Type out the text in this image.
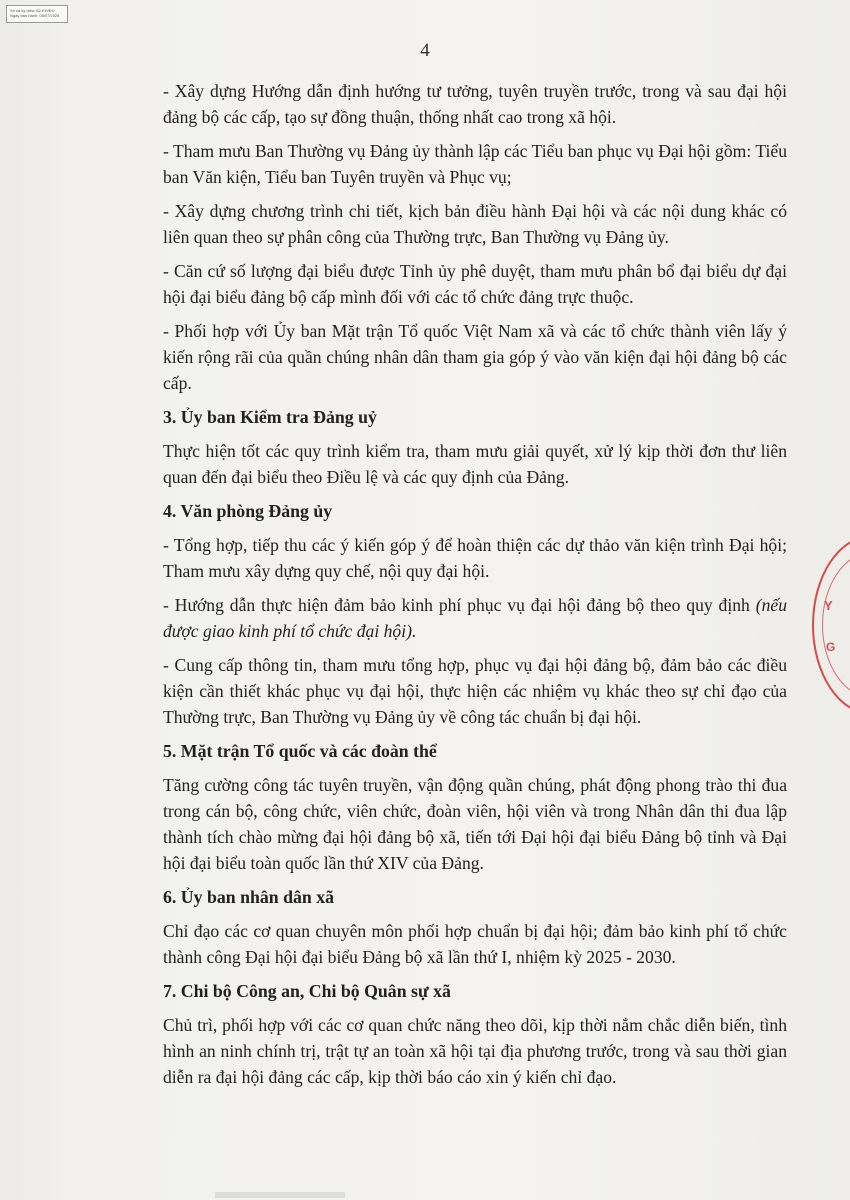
Số và ký hiệu: 82-KH/ĐU
Ngày ban hành: 05/07/2025
4

- Xây dựng Hướng dẫn định hướng tư tưởng, tuyên truyền trước, trong và sau đại hội đảng bộ các cấp, tạo sự đồng thuận, thống nhất cao trong xã hội.

- Tham mưu Ban Thường vụ Đảng ủy thành lập các Tiểu ban phục vụ Đại hội gồm: Tiểu ban Văn kiện, Tiểu ban Tuyên truyền và Phục vụ;

- Xây dựng chương trình chi tiết, kịch bản điều hành Đại hội và các nội dung khác có liên quan theo sự phân công của Thường trực, Ban Thường vụ Đảng ủy.

- Căn cứ số lượng đại biểu được Tỉnh ủy phê duyệt, tham mưu phân bổ đại biểu dự đại hội đại biểu đảng bộ cấp mình đối với các tổ chức đảng trực thuộc.

- Phối hợp với Ủy ban Mặt trận Tổ quốc Việt Nam xã và các tổ chức thành viên lấy ý kiến rộng rãi của quần chúng nhân dân tham gia góp ý vào văn kiện đại hội đảng bộ các cấp.

3. Ủy ban Kiểm tra Đảng uỷ

Thực hiện tốt các quy trình kiểm tra, tham mưu giải quyết, xử lý kịp thời đơn thư liên quan đến đại biểu theo Điều lệ và các quy định của Đảng.

4. Văn phòng Đảng ủy

- Tổng hợp, tiếp thu các ý kiến góp ý để hoàn thiện các dự thảo văn kiện trình Đại hội; Tham mưu xây dựng quy chế, nội quy đại hội.

- Hướng dẫn thực hiện đảm bảo kinh phí phục vụ đại hội đảng bộ theo quy định (nếu được giao kinh phí tổ chức đại hội).

- Cung cấp thông tin, tham mưu tổng hợp, phục vụ đại hội đảng bộ, đảm bảo các điều kiện cần thiết khác phục vụ đại hội, thực hiện các nhiệm vụ khác theo sự chỉ đạo của Thường trực, Ban Thường vụ Đảng ủy về công tác chuẩn bị đại hội.

5. Mặt trận Tổ quốc và các đoàn thể

Tăng cường công tác tuyên truyền, vận động quần chúng, phát động phong trào thi đua trong cán bộ, công chức, viên chức, đoàn viên, hội viên và trong Nhân dân thi đua lập thành tích chào mừng đại hội đảng bộ xã, tiến tới Đại hội đại biểu Đảng bộ tỉnh và Đại hội đại biểu toàn quốc lần thứ XIV của Đảng.

6. Ủy ban nhân dân xã

Chỉ đạo các cơ quan chuyên môn phối hợp chuẩn bị đại hội; đảm bảo kinh phí tổ chức thành công Đại hội đại biểu Đảng bộ xã lần thứ I, nhiệm kỳ 2025 - 2030.

7. Chi bộ Công an, Chi bộ Quân sự xã

Chủ trì, phối hợp với các cơ quan chức năng theo dõi, kịp thời nắm chắc diễn biến, tình hình an ninh chính trị, trật tự an toàn xã hội tại địa phương trước, trong và sau thời gian diễn ra đại hội đảng các cấp, kịp thời báo cáo xin ý kiến chỉ đạo.

Y
G
